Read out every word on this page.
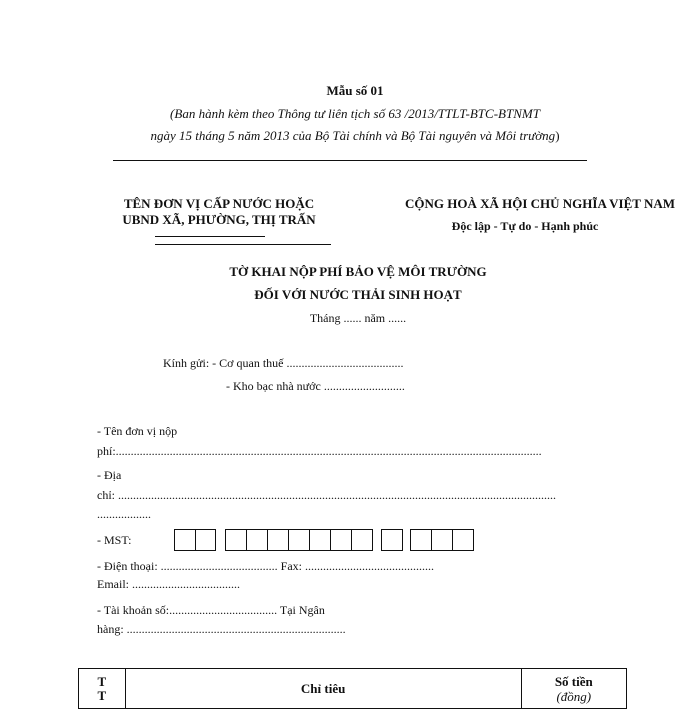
Mẫu số 01
(Ban hành kèm theo Thông tư liên tịch số 63 /2013/TTLT-BTC-BTNMT
ngày 15 tháng 5 năm 2013 của Bộ Tài chính và Bộ Tài nguyên và Môi trường)
TÊN ĐƠN VỊ CẤP NƯỚC HOẶC
UBND XÃ, PHƯỜNG, THỊ TRẤN
CỘNG HOÀ XÃ HỘI CHỦ NGHĨA VIỆT NAM
Độc lập - Tự do - Hạnh phúc
TỜ KHAI NỘP PHÍ BẢO VỆ MÔI TRƯỜNG
ĐỐI VỚI NƯỚC THẢI SINH HOẠT
Tháng ...... năm ......
Kính gửi: - Cơ quan thuế .......................................
- Kho bạc nhà nước ...........................
- Tên đơn vị nộp
phí:..............................................................................................................................................
- Địa
chỉ: ..................................................................................................................................................
..................
- MST:
- Điện thoại: ....................................... Fax: ...........................................
Email: ....................................
- Tài khoản số:.................................... Tại Ngân
hàng: .........................................................................
T
T	Chỉ tiêu	Số tiền
(đồng)
